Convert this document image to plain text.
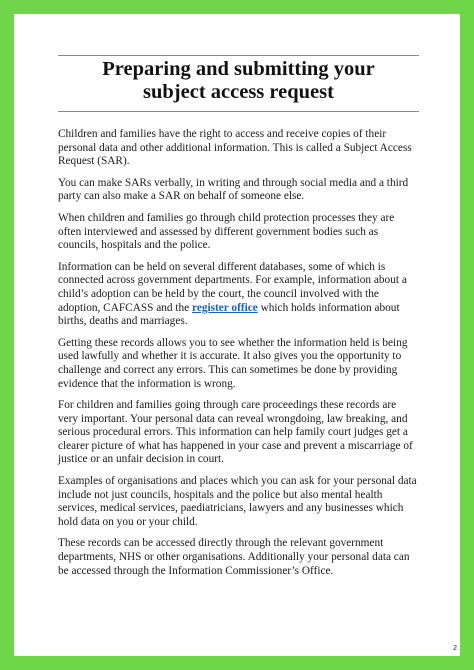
Preparing and submitting your
subject access request

Children and families have the right to access and receive copies of their personal data and other additional information. This is called a Subject Access Request (SAR).

You can make SARs verbally, in writing and through social media and a third party can also make a SAR on behalf of someone else.

When children and families go through child protection processes they are often interviewed and assessed by different government bodies such as councils, hospitals and the police.

Information can be held on several different databases, some of which is connected across government departments. For example, information about a child’s adoption can be held by the court, the council involved with the adoption, CAFCASS and the register office which holds information about births, deaths and marriages.

Getting these records allows you to see whether the information held is being used lawfully and whether it is accurate. It also gives you the opportunity to challenge and correct any errors. This can sometimes be done by providing evidence that the information is wrong.

For children and families going through care proceedings these records are very important. Your personal data can reveal wrongdoing, law breaking, and serious procedural errors. This information can help family court judges get a clearer picture of what has happened in your case and prevent a miscarriage of justice or an unfair decision in court.

Examples of organisations and places which you can ask for your personal data include not just councils, hospitals and the police but also mental health services, medical services, paediatricians, lawyers and any businesses which hold data on you or your child.

These records can be accessed directly through the relevant government departments, NHS or other organisations. Additionally your personal data can be accessed through the Information Commissioner’s Office.

2
